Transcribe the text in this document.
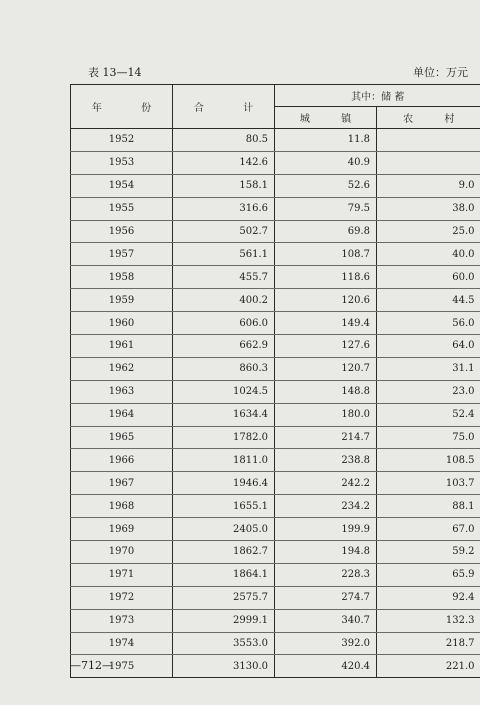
表 13—14	单位：万元
年 份	合 计	其中：储 蓄	
		城 镇	农 村
1952	80.5	11.8	
1953	142.6	40.9	
1954	158.1	52.6	9.0
1955	316.6	79.5	38.0
1956	502.7	69.8	25.0
1957	561.1	108.7	40.0
1958	455.7	118.6	60.0
1959	400.2	120.6	44.5
1960	606.0	149.4	56.0
1961	662.9	127.6	64.0
1962	860.3	120.7	31.1
1963	1024.5	148.8	23.0
1964	1634.4	180.0	52.4
1965	1782.0	214.7	75.0
1966	1811.0	238.8	108.5
1967	1946.4	242.2	103.7
1968	1655.1	234.2	88.1
1969	2405.0	199.9	67.0
1970	1862.7	194.8	59.2
1971	1864.1	228.3	65.9
1972	2575.7	274.7	92.4
1973	2999.1	340.7	132.3
1974	3553.0	392.0	218.7
1975	3130.0	420.4	221.0
—712—
